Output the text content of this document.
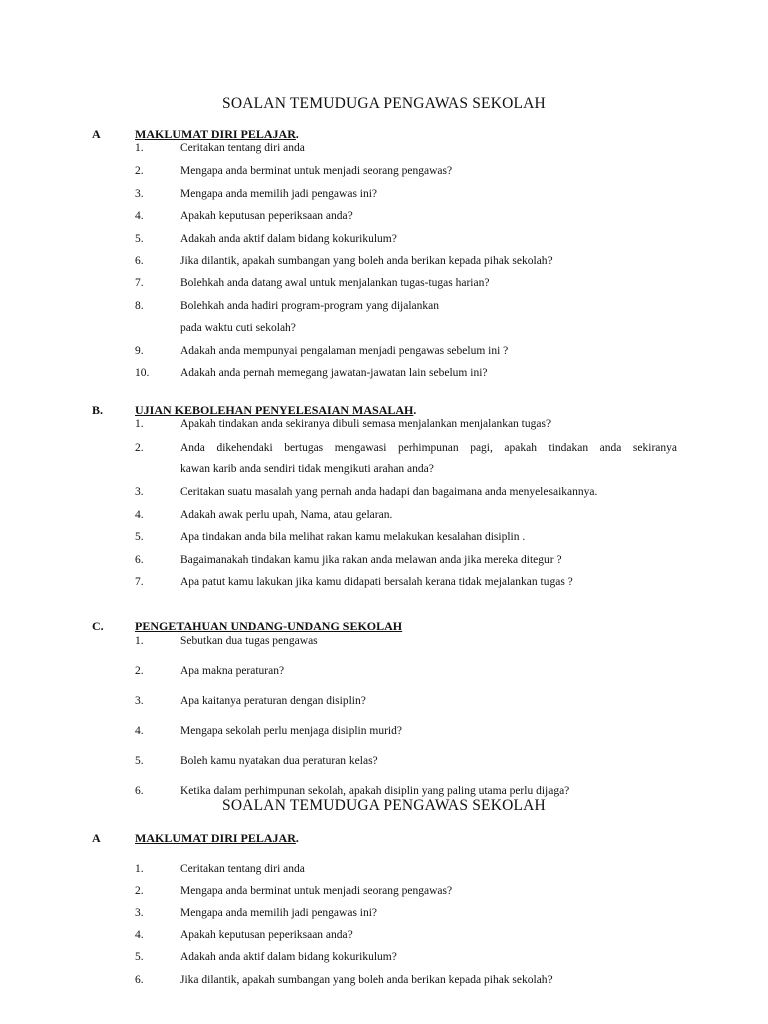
SOALAN TEMUDUGA PENGAWAS SEKOLAH
A	MAKLUMAT DIRI PELAJAR.
1.	Ceritakan tentang diri anda
2.	Mengapa anda berminat untuk menjadi seorang pengawas?
3.	Mengapa anda memilih jadi pengawas ini?
4.	Apakah keputusan peperiksaan anda?
5.	Adakah anda aktif dalam bidang kokurikulum?
6.	Jika dilantik, apakah sumbangan yang boleh anda berikan kepada pihak sekolah?
7.	Bolehkah anda datang awal untuk menjalankan tugas-tugas harian?
8.	Bolehkah anda hadiri program-program yang dijalankan
pada waktu cuti sekolah?
9.	Adakah anda mempunyai pengalaman menjadi pengawas sebelum ini ?
10.	Adakah anda pernah memegang jawatan-jawatan lain sebelum ini?
B.	UJIAN KEBOLEHAN PENYELESAIAN MASALAH.
1.	Apakah tindakan anda sekiranya dibuli semasa menjalankan menjalankan tugas?
2.	Anda dikehendaki bertugas mengawasi perhimpunan pagi, apakah tindakan anda sekiranya
kawan karib anda sendiri tidak mengikuti arahan anda?
3.	Ceritakan suatu masalah yang pernah anda hadapi dan bagaimana anda menyelesaikannya.
4.	Adakah awak perlu upah, Nama, atau gelaran.
5.	Apa tindakan anda bila melihat rakan kamu melakukan kesalahan disiplin .
6.	Bagaimanakah tindakan kamu jika rakan anda melawan anda jika mereka ditegur ?
7.	Apa patut kamu lakukan jika kamu didapati bersalah kerana tidak mejalankan tugas ?
C.	PENGETAHUAN UNDANG-UNDANG SEKOLAH
1.	Sebutkan dua tugas pengawas
2.	Apa makna peraturan?
3.	Apa kaitanya peraturan dengan disiplin?
4.	Mengapa sekolah perlu menjaga disiplin murid?
5.	Boleh kamu nyatakan dua peraturan kelas?
6.	Ketika dalam perhimpunan sekolah, apakah disiplin yang paling utama perlu dijaga?
SOALAN TEMUDUGA PENGAWAS SEKOLAH
A	MAKLUMAT DIRI PELAJAR.
1.	Ceritakan tentang diri anda
2.	Mengapa anda berminat untuk menjadi seorang pengawas?
3.	Mengapa anda memilih jadi pengawas ini?
4.	Apakah keputusan peperiksaan anda?
5.	Adakah anda aktif dalam bidang kokurikulum?
6.	Jika dilantik, apakah sumbangan yang boleh anda berikan kepada pihak sekolah?
